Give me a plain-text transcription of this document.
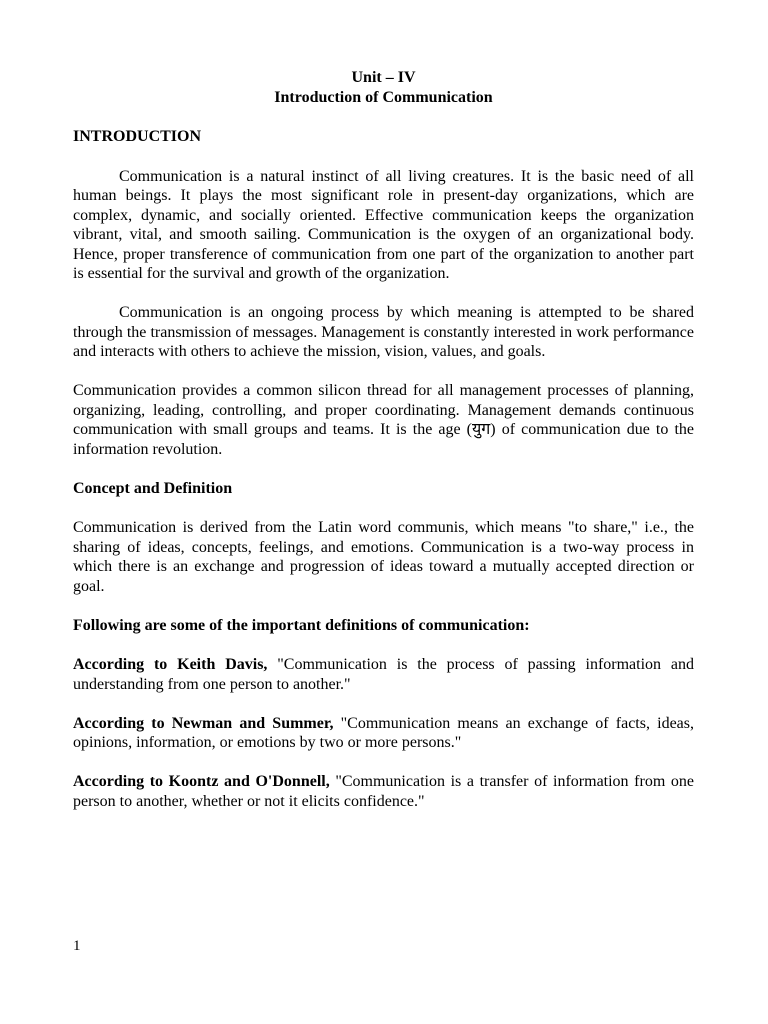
Unit – IV

Introduction of Communication

INTRODUCTION

Communication is a natural instinct of all living creatures. It is the basic need of all human beings. It plays the most significant role in present-day organizations, which are complex, dynamic, and socially oriented. Effective communication keeps the organization vibrant, vital, and smooth sailing. Communication is the oxygen of an organizational body. Hence, proper transference of communication from one part of the organization to another part is essential for the survival and growth of the organization.

Communication is an ongoing process by which meaning is attempted to be shared through the transmission of messages. Management is constantly interested in work performance and interacts with others to achieve the mission, vision, values, and goals.

Communication provides a common silicon thread for all management processes of planning, organizing, leading, controlling, and proper coordinating. Management demands continuous communication with small groups and teams. It is the age (युग) of communication due to the information revolution.

Concept and Definition

Communication is derived from the Latin word communis, which means "to share," i.e., the sharing of ideas, concepts, feelings, and emotions. Communication is a two-way process in which there is an exchange and progression of ideas toward a mutually accepted direction or goal.

Following are some of the important definitions of communication:

According to Keith Davis, "Communication is the process of passing information and understanding from one person to another."

According to Newman and Summer, "Communication means an exchange of facts, ideas, opinions, information, or emotions by two or more persons."

According to Koontz and O'Donnell, "Communication is a transfer of information from one person to another, whether or not it elicits confidence."

1
